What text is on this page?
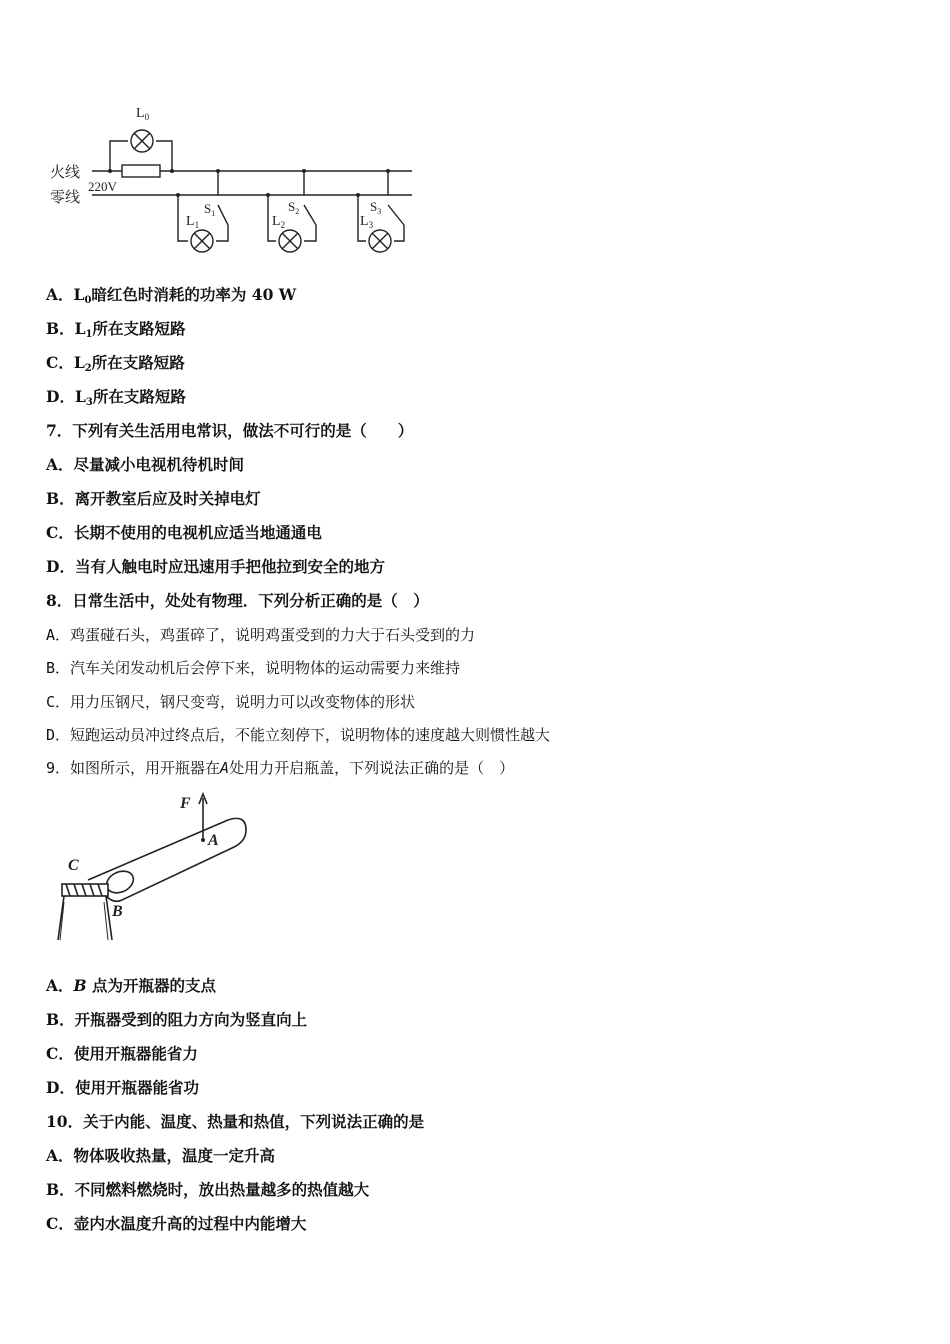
火线
零线
220V
$L_0$
$L_1$	$L_2$	$L_3$
$S_1$	$S_2$	$S_3$
A．$L_0$暗红色时消耗的功率为 40 W
B．$L_1$所在支路短路
C．$L_2$所在支路短路
D．$L_3$所在支路短路
7．下列有关生活用电常识，做法不可行的是（　　）
A．尽量减小电视机待机时间
B．离开教室后应及时关掉电灯
C．长期不使用的电视机应适当地通通电
D．当有人触电时应迅速用手把他拉到安全的地方
8．日常生活中，处处有物理．下列分析正确的是（　）
A．鸡蛋碰石头，鸡蛋碎了，说明鸡蛋受到的力大于石头受到的力
B．汽车关闭发动机后会停下来，说明物体的运动需要力来维持
C．用力压钢尺，钢尺变弯，说明力可以改变物体的形状
D．短跑运动员冲过终点后，不能立刻停下，说明物体的速度越大则惯性越大
9．如图所示，用开瓶器在A处用力开启瓶盖，下列说法正确的是（　）
F
A
C
B
A．B 点为开瓶器的支点
B．开瓶器受到的阻力方向为竖直向上
C．使用开瓶器能省力
D．使用开瓶器能省功
10．关于内能、温度、热量和热值，下列说法正确的是
A．物体吸收热量，温度一定升高
B．不同燃料燃烧时，放出热量越多的热值越大
C．壶内水温度升高的过程中内能增大
